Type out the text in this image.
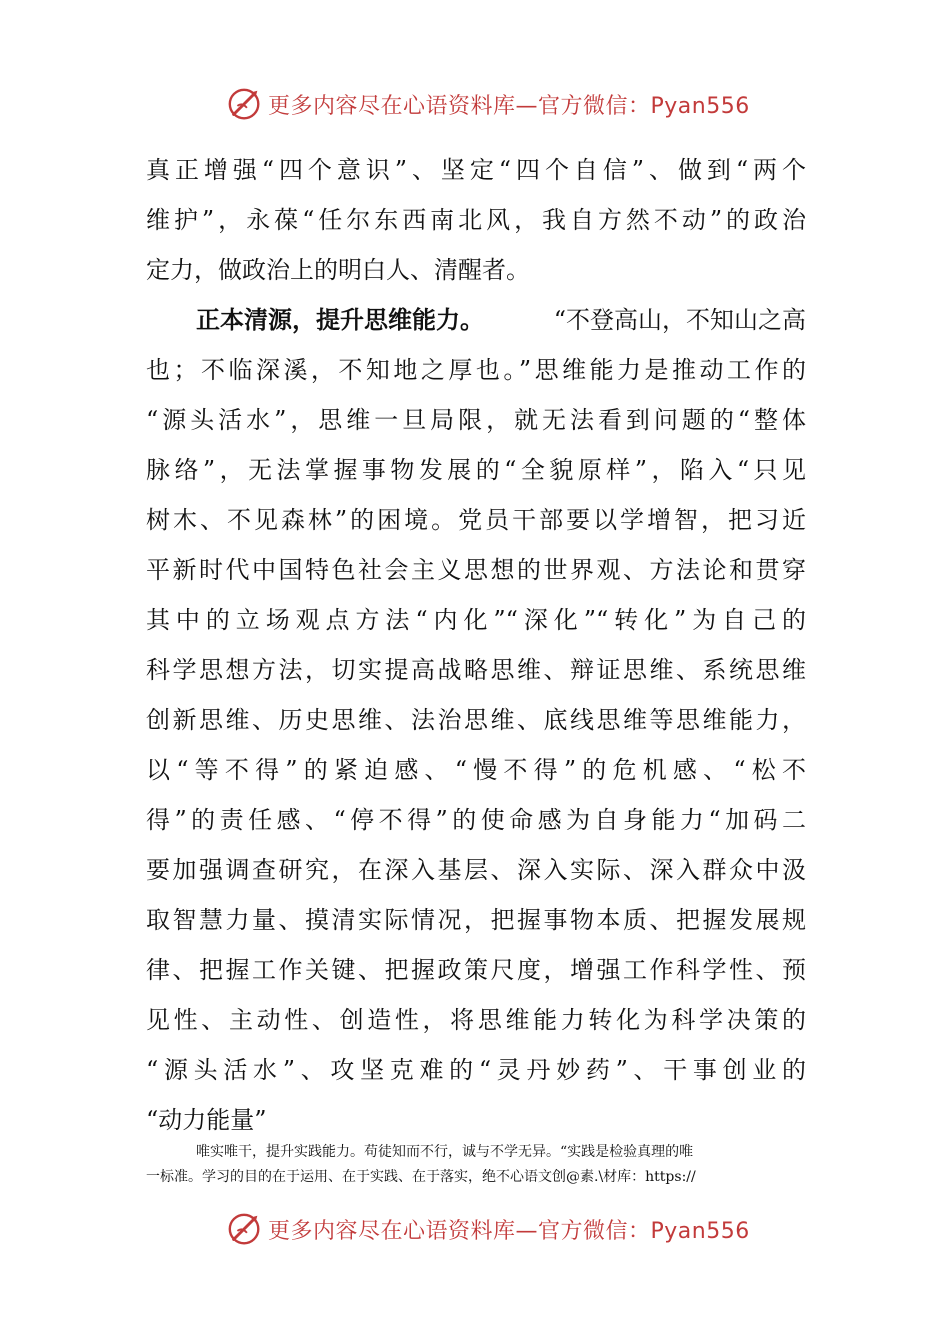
更多内容尽在心语资料库—官方微信：Pyan556
真正增强“四个意识”、坚定“四个自信”、做到“两个
维护”，永葆“任尔东西南北风，我自方然不动”的政治
定力，做政治上的明白人、清醒者。
正本清源，提升思维能力。	“不登高山，不知山之高
也；不临深溪，不知地之厚也。”思维能力是推动工作的
“源头活水”，思维一旦局限，就无法看到问题的“整体
脉络”，无法掌握事物发展的“全貌原样”，陷入“只见
树木、不见森林”的困境。党员干部要以学增智，把习近
平新时代中国特色社会主义思想的世界观、方法论和贯穿
其中的立场观点方法“内化”“深化”“转化”为自己的
科学思想方法，切实提高战略思维、辩证思维、系统思维
创新思维、历史思维、法治思维、底线思维等思维能力，
以“等不得”的紧迫感、“慢不得”的危机感、“松不
得”的责任感、“停不得”的使命感为自身能力“加码二
要加强调查研究，在深入基层、深入实际、深入群众中汲
取智慧力量、摸清实际情况，把握事物本质、把握发展规
律、把握工作关键、把握政策尺度，增强工作科学性、预
见性、主动性、创造性，将思维能力转化为科学决策的
“源头活水”、攻坚克难的“灵丹妙药”、干事创业的
“动力能量”
唯实唯干，提升实践能力。苟徒知而不行，诚与不学无异。“实践是检验真理的唯
一标准。学习的目的在于运用、在于实践、在于落实，绝不心语文创@素.\材库：https://
更多内容尽在心语资料库—官方微信：Pyan556
